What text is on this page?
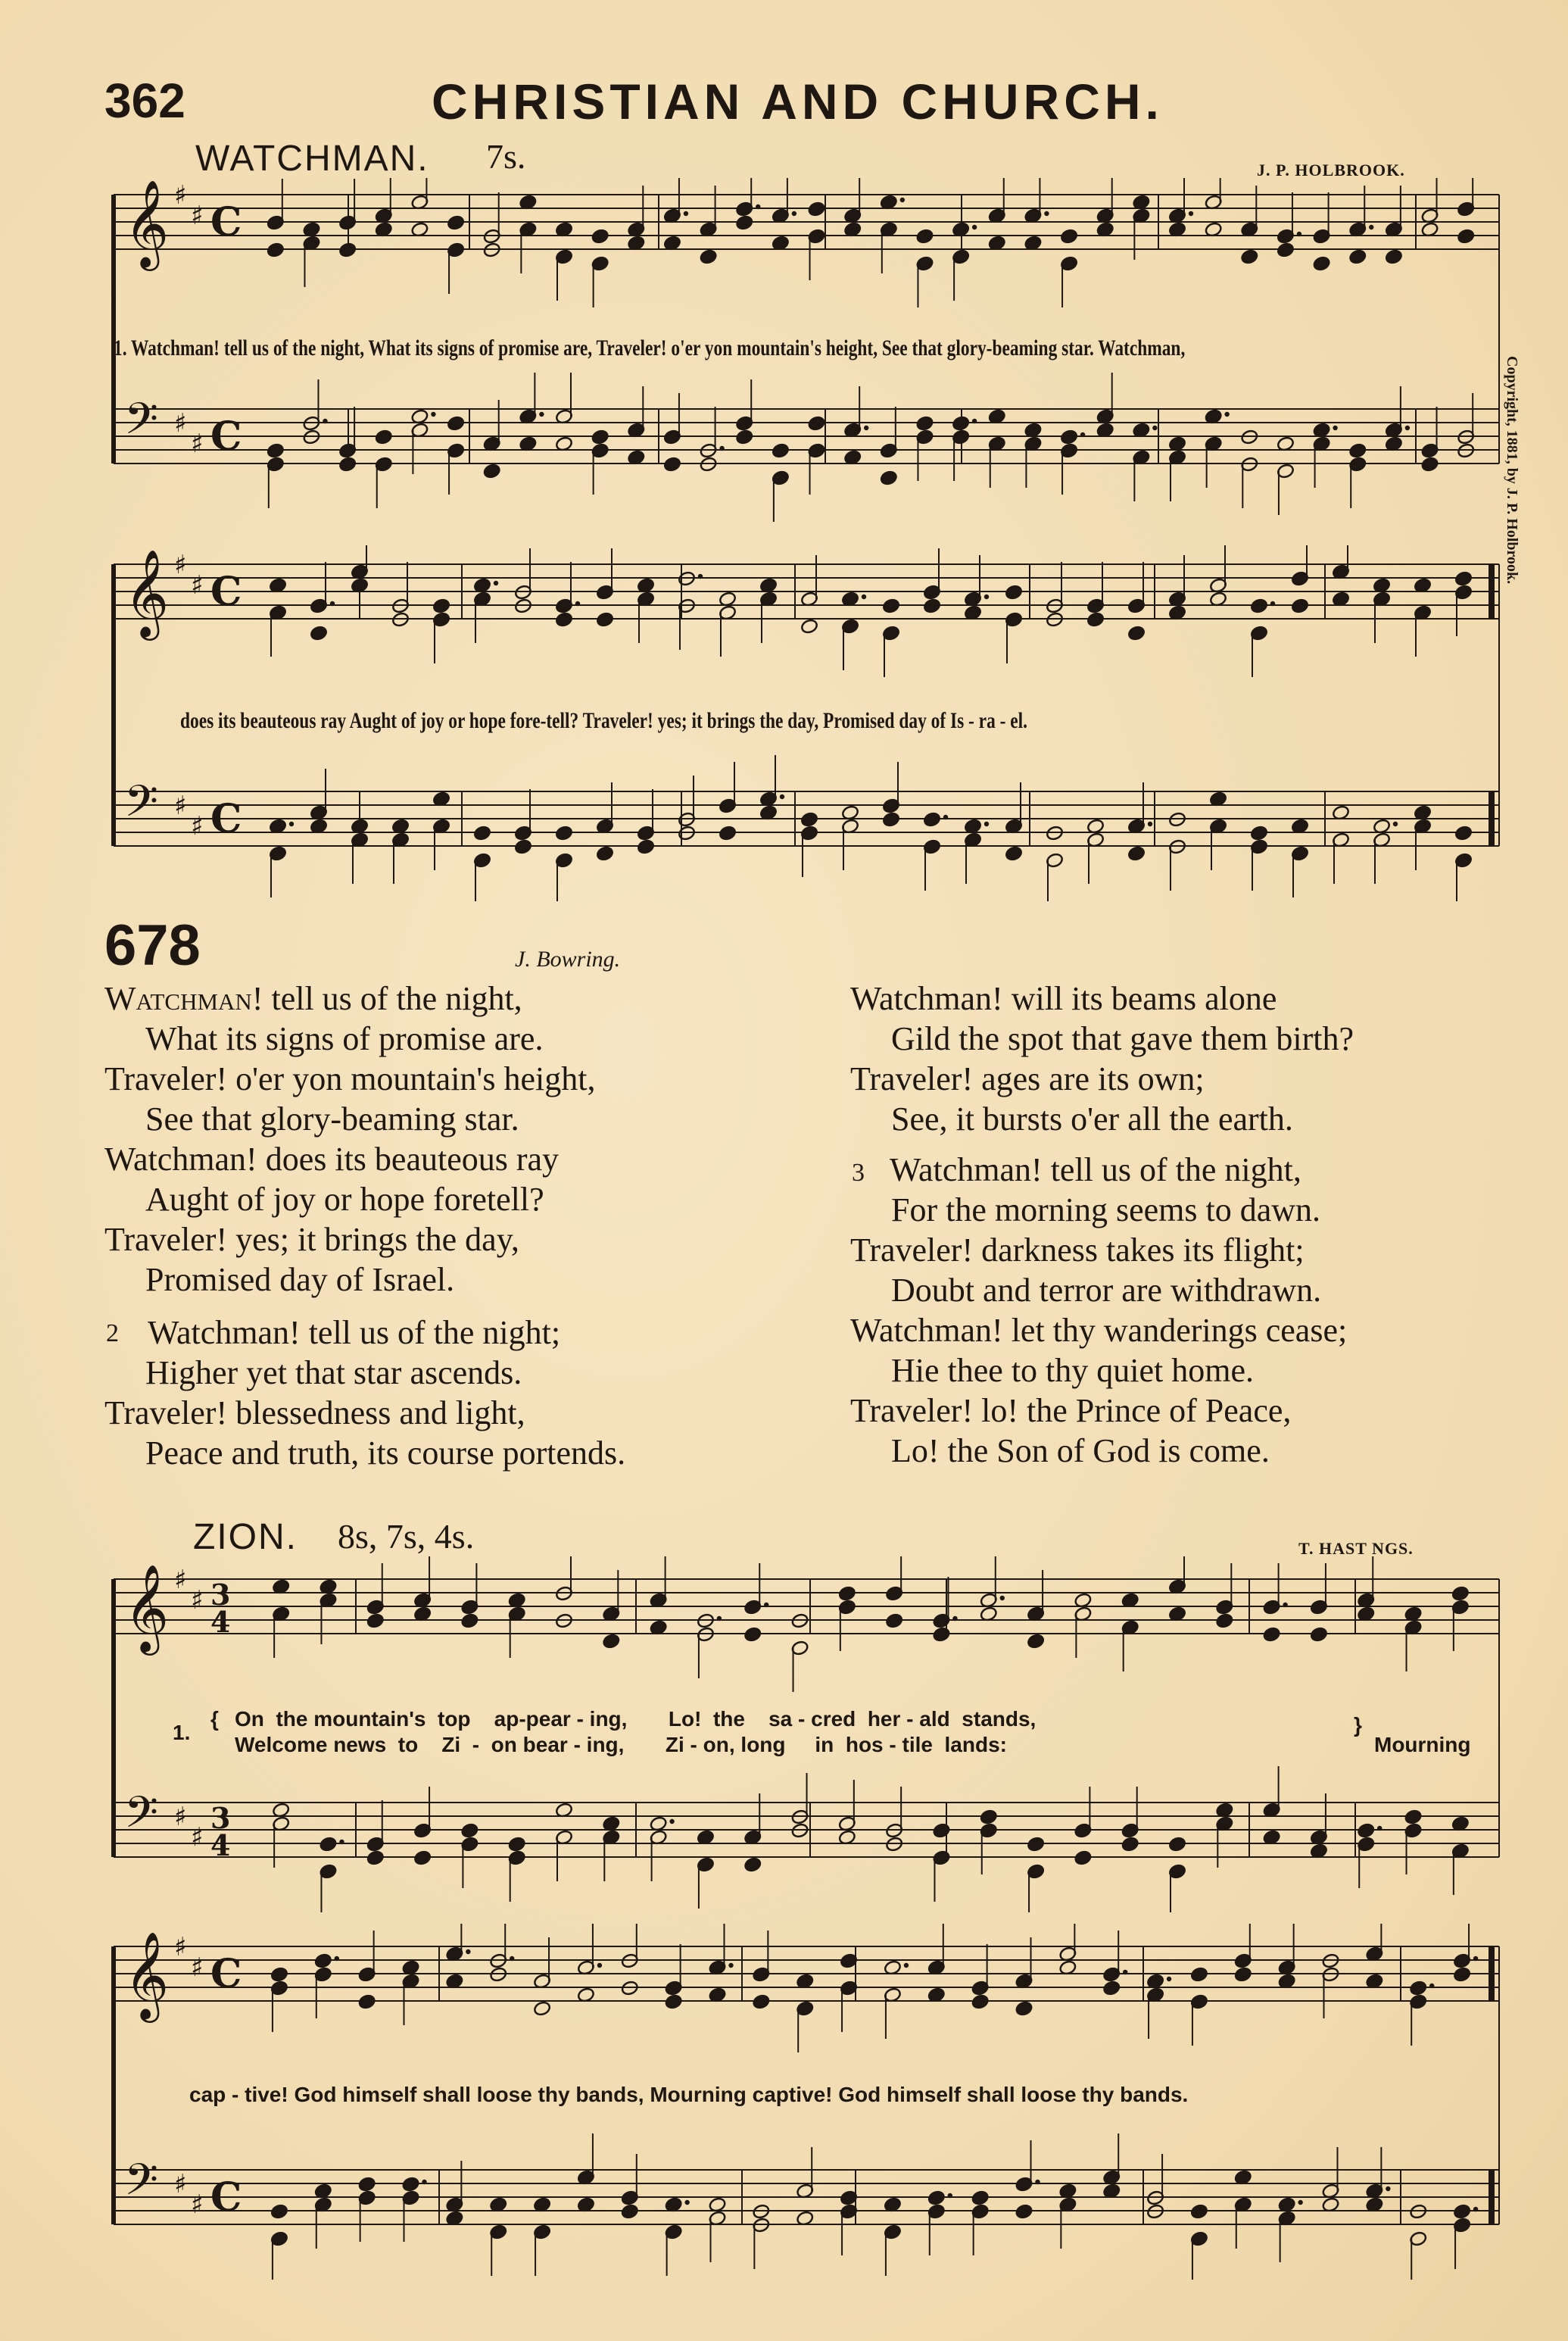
362	CHRISTIAN AND CHURCH.
WATCHMAN. 7s.	J. P. HOLBROOK.
𝄞 ♯
♯ C
𝄢 ♯
♯ C
1. Watchman! tell us of the night, What its signs of promise are, Traveler! o'er yon mountain's height, See that glory-beaming star. Watchman,
𝄞 ♯
♯ C
𝄢 ♯
♯ C
does its beauteous ray Aught of joy or hope fore-tell? Traveler! yes; it brings the day, Promised day of Is - ra - el.
Copyright, 1881, by J. P. Holbrook.
678	J. Bowring.
Watchman! tell us of the night,
What its signs of promise are.
Traveler! o'er yon mountain's height,
See that glory-beaming star.
Watchman! does its beauteous ray
Aught of joy or hope foretell?
Traveler! yes; it brings the day,
Promised day of Israel.
2 Watchman! tell us of the night;
Higher yet that star ascends.
Traveler! blessedness and light,
Peace and truth, its course portends.
Watchman! will its beams alone
Gild the spot that gave them birth?
Traveler! ages are its own;
See, it bursts o'er all the earth.
3 Watchman! tell us of the night,
For the morning seems to dawn.
Traveler! darkness takes its flight;
Doubt and terror are withdrawn.
Watchman! let thy wanderings cease;
Hie thee to thy quiet home.
Traveler! lo! the Prince of Peace,
Lo! the Son of God is come.
ZION. 8s, 7s, 4s.	T. HAST NGS.
𝄞 ♯
♯ 3
4
𝄢 ♯
♯
3
4
1.
{ On  the mountain's  top    ap-pear - ing,       Lo!  the    sa - cred  her - ald  stands,
Welcome news  to    Zi  -  on bear - ing,       Zi - on, long     in  hos - tile  lands:
}
Mourning
𝄞 ♯
♯ C
𝄢 ♯
♯ C
cap - tive! God himself shall loose thy bands, Mourning captive! God himself shall loose thy bands.
